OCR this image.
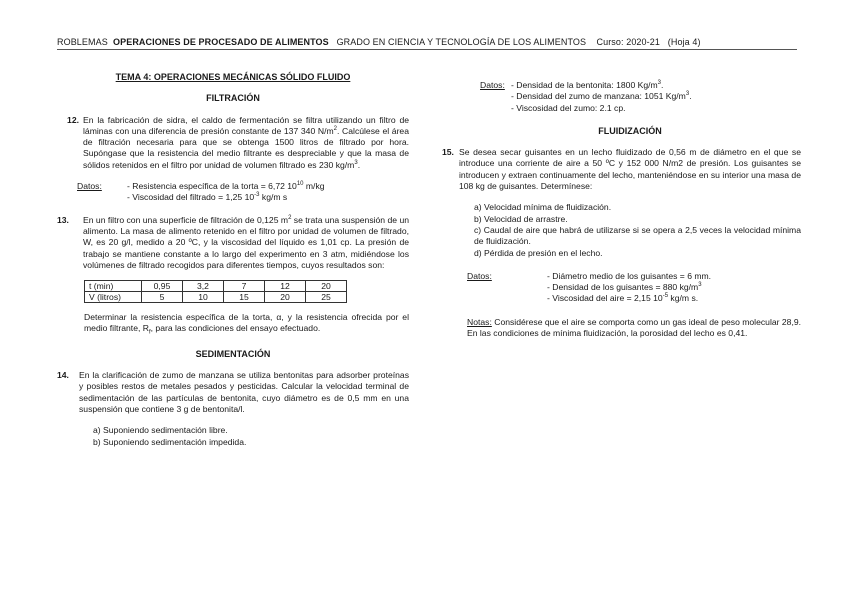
ROBLEMAS OPERACIONES DE PROCESADO DE ALIMENTOS GRADO EN CIENCIA Y TECNOLOGÍA DE LOS ALIMENTOS Curso: 2020-21 (Hoja 4)
TEMA 4: OPERACIONES MECÁNICAS SÓLIDO FLUIDO
FILTRACIÓN
12. En la fabricación de sidra, el caldo de fermentación se filtra utilizando un filtro de láminas con una diferencia de presión constante de 137 340 $N/m^2$. Calcúlese el área de filtración necesaria para que se obtenga 1500 litros de filtrado por hora. Supóngase que la resistencia del medio filtrante es despreciable y que la masa de sólidos retenidos en el filtro por unidad de volumen filtrado es 230 $kg/m^3$.

Datos:	- Resistencia específica de la torta = 6,72 $10^{10}$ m/kg
- Viscosidad del filtrado = 1,25 $10^{-3}$ kg/m s
13.	En un filtro con una superficie de filtración de 0,125 $m^2$ se trata una suspensión de un alimento. La masa de alimento retenido en el filtro por unidad de volumen de filtrado, W, es 20 g/l, medido a 20 ºC, y la viscosidad del líquido es 1,01 cp. La presión de trabajo se mantiene constante a lo largo del experimento en 3 atm, midiéndose los volúmenes de filtrado recogidos para diferentes tiempos, cuyos resultados son:

t (min)	0,95	3,2	7	12	20
V (litros)	5	10	15	20	25

Determinar la resistencia específica de la torta, α, y la resistencia ofrecida por el medio filtrante, $R_f$, para las condiciones del ensayo efectuado.

SEDIMENTACIÓN
14.	En la clarificación de zumo de manzana se utiliza bentonitas para adsorber proteínas y posibles restos de metales pesados y pesticidas. Calcular la velocidad terminal de sedimentación de las partículas de bentonita, cuyo diámetro es de 0,5 mm en una suspensión que contiene 3 g de bentonita/l.

a) Suponiendo sedimentación libre.
b) Suponiendo sedimentación impedida.
Datos: - Densidad de la bentonita: 1800 $Kg/m^3$.
- Densidad del zumo de manzana: 1051 $Kg/m^3$.
- Viscosidad del zumo: 2.1 cp.
FLUIDIZACIÓN
15. Se desea secar guisantes en un lecho fluidizado de 0,56 m de diámetro en el que se introduce una corriente de aire a 50 ºC y 152 000 N/m2 de presión. Los guisantes se introducen y extraen continuamente del lecho, manteniéndose en su interior una masa de 108 kg de guisantes. Determínese:

a) Velocidad mínima de fluidización.
b) Velocidad de arrastre.
c) Caudal de aire que habrá de utilizarse si se opera a 2,5 veces la velocidad mínima de fluidización.
d) Pérdida de presión en el lecho.
Datos:	- Diámetro medio de los guisantes = 6 mm.
- Densidad de los guisantes = 880 $kg/m^3$
- Viscosidad del aire = 2,15 $10^{-5}$ kg/m s.

Notas: Considérese que el aire se comporta como un gas ideal de peso molecular 28,9. En las condiciones de mínima fluidización, la porosidad del lecho es 0,41.
